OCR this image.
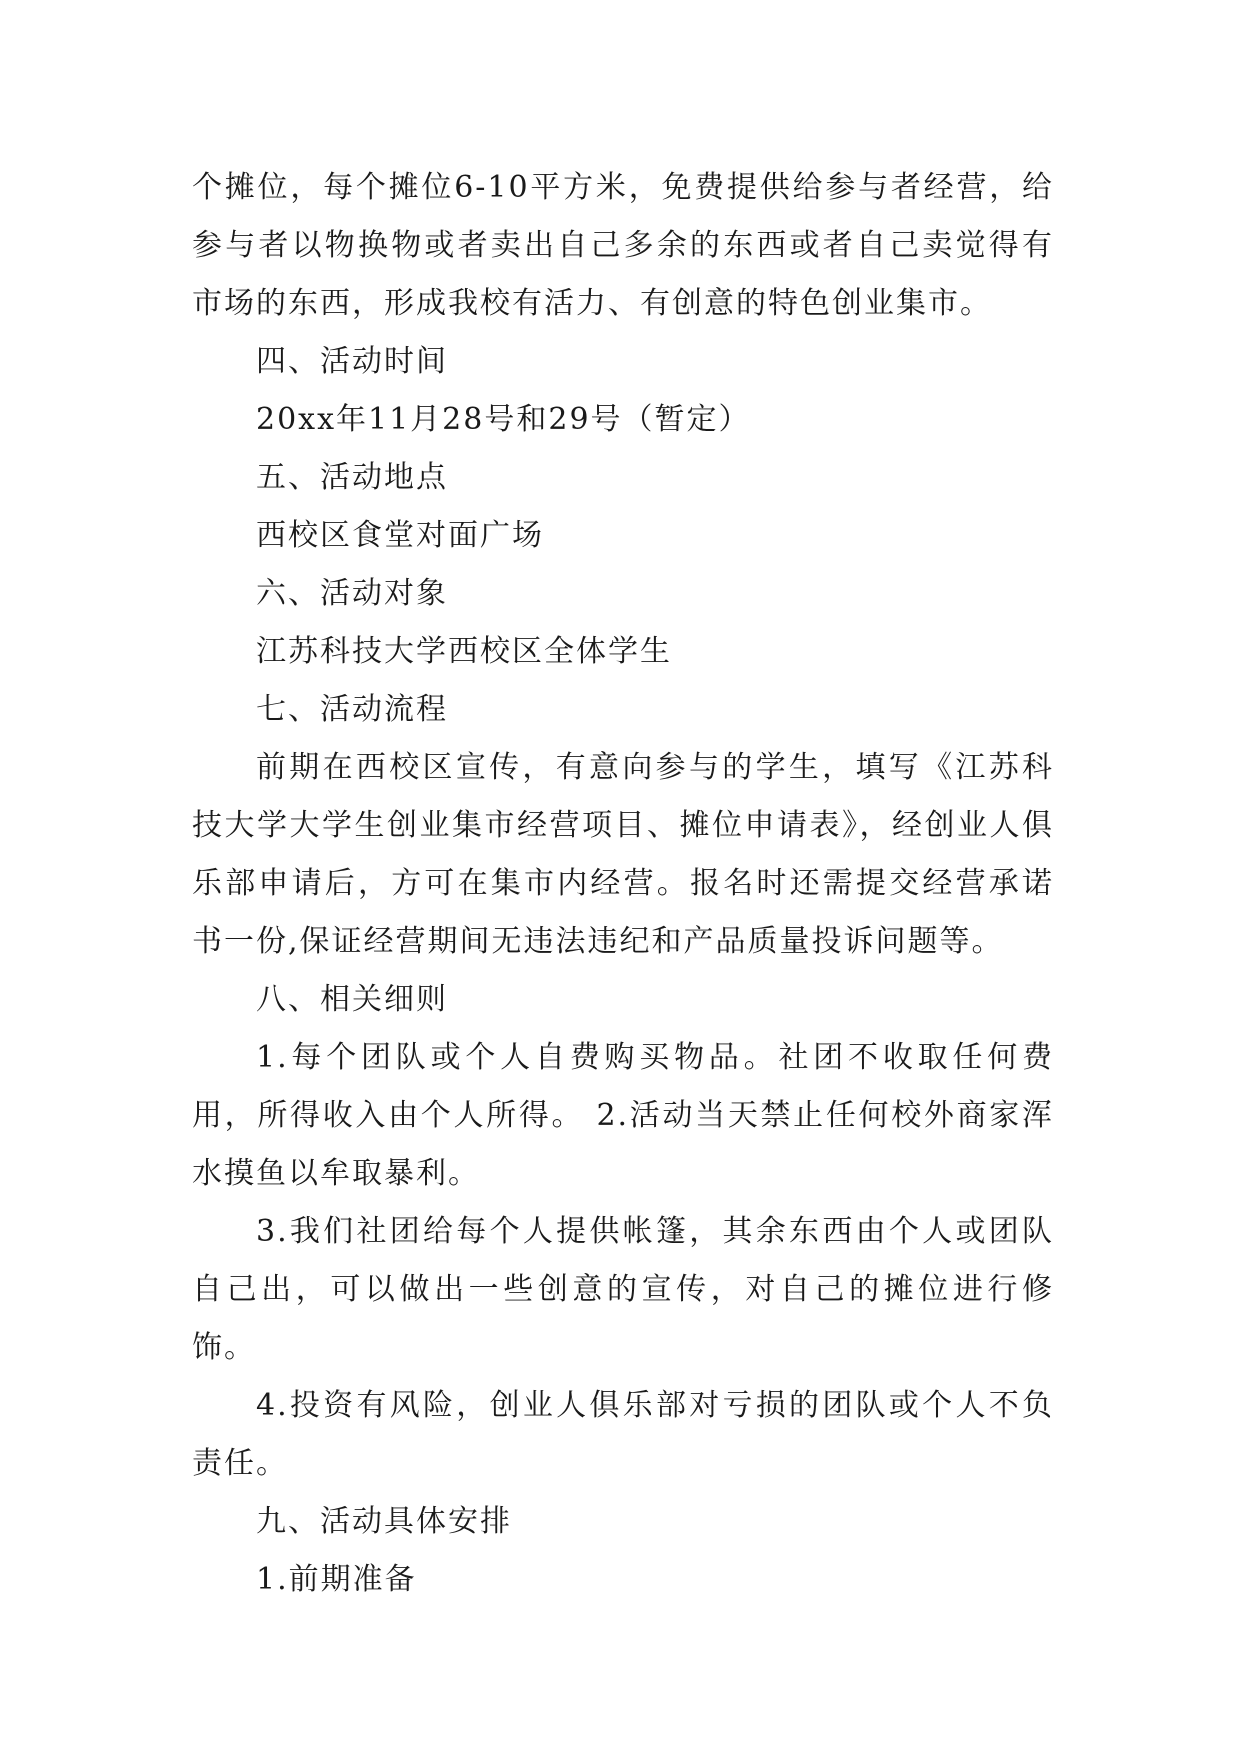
个摊位，每个摊位6-10平方米，免费提供给参与者经营，给参与者以物换物或者卖出自己多余的东西或者自己卖觉得有市场的东西，形成我校有活力、有创意的特色创业集市。

四、活动时间

20xx年11月28号和29号（暂定）

五、活动地点

西校区食堂对面广场

六、活动对象

江苏科技大学西校区全体学生

七、活动流程

前期在西校区宣传，有意向参与的学生，填写《江苏科技大学大学生创业集市经营项目、摊位申请表》，经创业人俱乐部申请后，方可在集市内经营。报名时还需提交经营承诺书一份,保证经营期间无违法违纪和产品质量投诉问题等。

八、相关细则

1.每个团队或个人自费购买物品。社团不收取任何费用，所得收入由个人所得。 2.活动当天禁止任何校外商家浑水摸鱼以牟取暴利。

3.我们社团给每个人提供帐篷，其余东西由个人或团队自己出，可以做出一些创意的宣传，对自己的摊位进行修饰。

4.投资有风险，创业人俱乐部对亏损的团队或个人不负责任。

九、活动具体安排

1.前期准备
